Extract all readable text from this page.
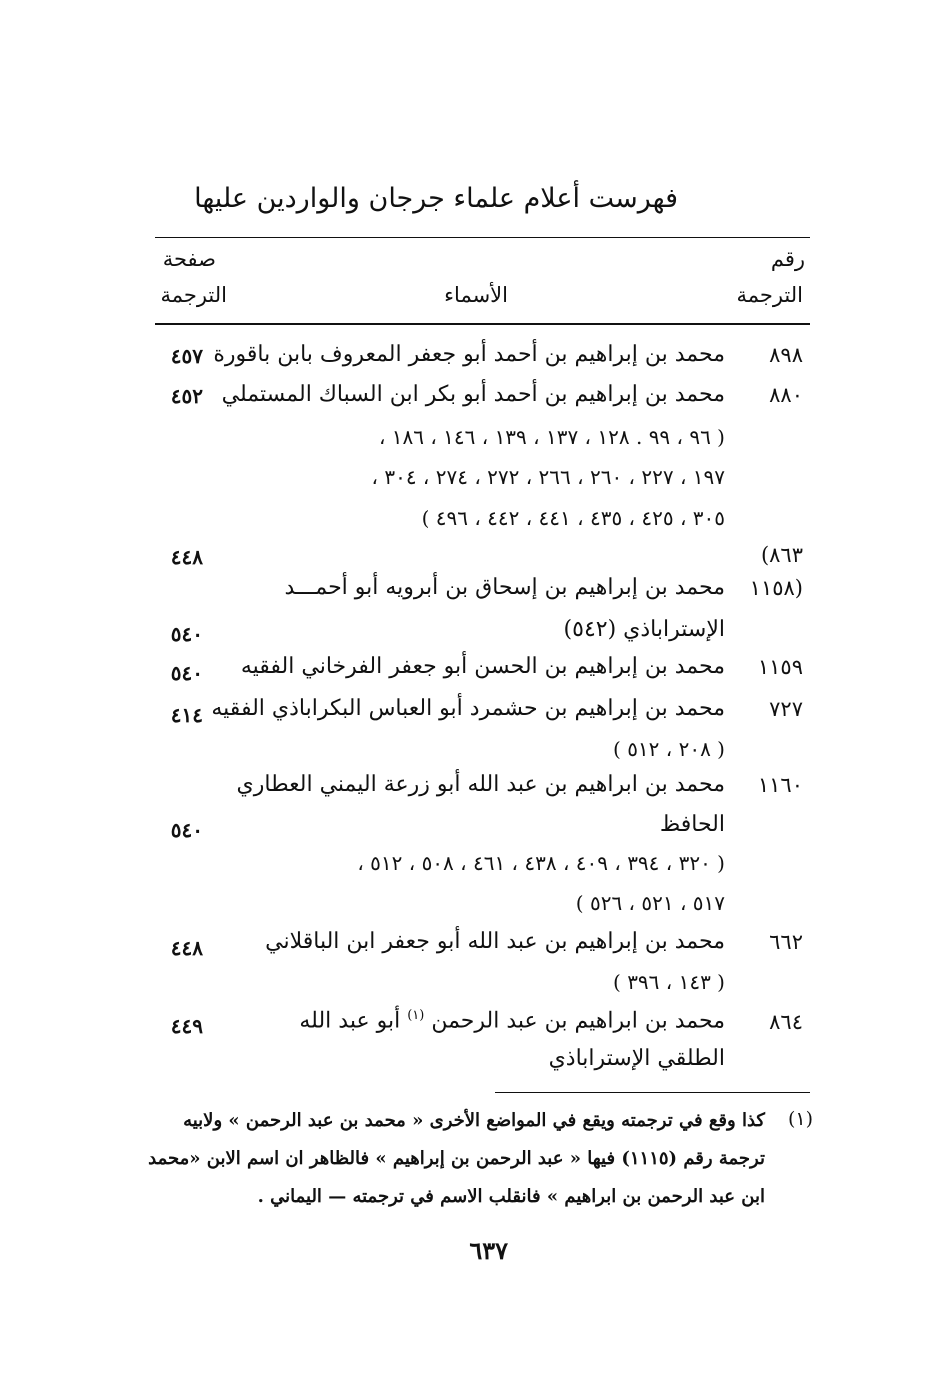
فهرست أعلام علماء جرجان والواردين عليها
رقم
الترجمة
الأسماء
صفحة
الترجمة
٨٩٨
محمد بن إبراهيم بن أحمد أبو جعفر المعروف بابن باقورة
٤٥٧
٨٨٠
محمد بن إبراهيم بن أحمد أبو بكر ابن السباك المستملي
٤٥٢
( ٩٦ ، ٩٩ . ١٢٨ ، ١٣٧ ، ١٣٩ ، ١٤٦ ، ١٨٦ ،
١٩٧ ، ٢٢٧ ، ٢٦٠ ، ٢٦٦ ، ٢٧٢ ، ٢٧٤ ، ٣٠٤ ،
٣٠٥ ، ٤٢٥ ، ٤٣٥ ، ٤٤١ ، ٤٤٢ ، ٤٩٦ )
٨٦٣)
٤٤٨
(١١٥٨
محمد بن إبراهيم بن إسحاق بن أبرويه أبو أحمـــد
الإستراباذي (٥٤٢)
٥٤٠
١١٥٩
محمد بن إبراهيم بن الحسن أبو جعفر الفرخاني الفقيه
٥٤٠
٧٢٧
محمد بن إبراهيم بن حشمرد أبو العباس البكراباذي الفقيه
٤١٤
( ٢٠٨ ، ٥١٢ )
١١٦٠
محمد بن ابراهيم بن عبد الله أبو زرعة اليمني العطاري
الحافظ
٥٤٠
( ٣٢٠ ، ٣٩٤ ، ٤٠٩ ، ٤٣٨ ، ٤٦١ ، ٥٠٨ ، ٥١٢ ،
٥١٧ ، ٥٢١ ، ٥٢٦ )
٦٦٢
محمد بن إبراهيم بن عبد الله أبو جعفر ابن الباقلاني
٤٤٨
( ١٤٣ ، ٣٩٦ )
٨٦٤
محمد بن ابراهيم بن عبد الرحمن $^{(١)}$ أبو عبد الله
٤٤٩
الطلقي الإستراباذي
(١)
كذا وقع في ترجمته ويقع في المواضع الأخرى « محمد بن عبد الرحمن » ولابيه
ترجمة رقم (١١١٥) فيها « عبد الرحمن بن إبراهيم » فالظاهر ان اسم الابن «محمد
ابن عبد الرحمن بن ابراهيم » فانقلب الاسم في ترجمته — اليماني .
٦٣٧
